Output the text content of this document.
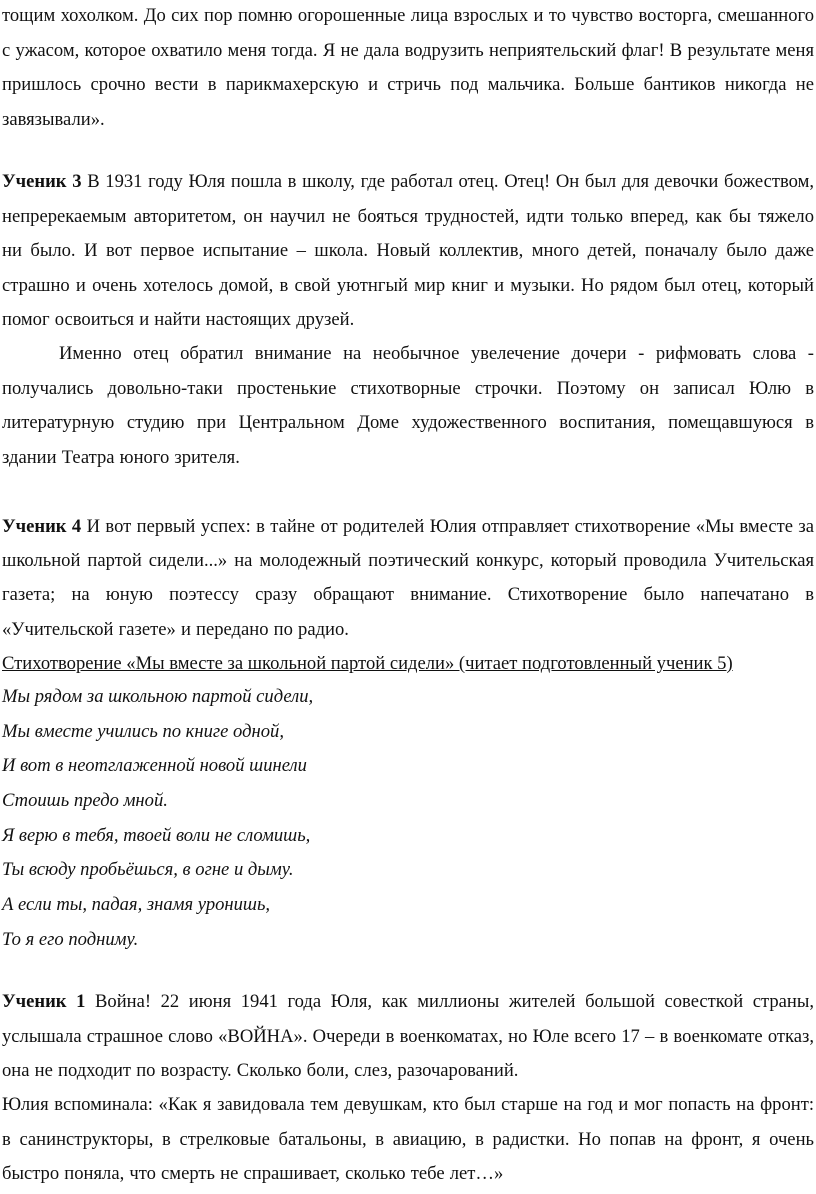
тощим хохолком. До сих пор помню огорошенные лица взрослых и то чувство восторга, смешанного с ужасом, которое охватило меня тогда. Я не дала водрузить неприятельский флаг! В результате меня пришлось срочно вести в парикмахерскую и стричь под мальчика. Больше бантиков никогда не завязывали».

Ученик 3 В 1931 году Юля пошла в школу, где работал отец. Отец! Он был для девочки божеством, непререкаемым авторитетом, он научил не бояться трудностей, идти только вперед, как бы тяжело ни было. И вот первое испытание – школа. Новый коллектив, много детей, поначалу было даже страшно и очень хотелось домой, в свой уютнгый мир книг и музыки. Но рядом был отец, который помог освоиться и найти настоящих друзей.

Именно отец обратил внимание на необычное увелечение дочери - рифмовать слова - получались довольно-таки простенькие стихотворные строчки. Поэтому он записал Юлю в литературную студию при Центральном Доме художественного воспитания, помещавшуюся в здании Театра юного зрителя.

Ученик 4 И вот первый успех: в тайне от родителей Юлия отправляет стихотворение «Мы вместе за школьной партой сидели...» на молодежный поэтический конкурс, который проводила Учительская газета; на юную поэтессу сразу обращают внимание. Стихотворение было напечатано в «Учительской газете» и передано по радио.

Стихотворение «Мы вместе за школьной партой сидели» (читает подготовленный ученик 5)

Мы рядом за школьною партой сидели,
Мы вместе учились по книге одной,
И вот в неотглаженной новой шинели
Стоишь предо мной.
Я верю в тебя, твоей воли не сломишь,
Ты всюду пробьёшься, в огне и дыму.
А если ты, падая, знамя уронишь,
То я его подниму.

Ученик 1 Война! 22 июня 1941 года Юля, как миллионы жителей большой совесткой страны, услышала страшное слово «ВОЙНА». Очереди в военкоматах, но Юле всего 17 – в военкомате отказ, она не подходит по возрасту. Сколько боли, слез, разочарований.

Юлия вспоминала: «Как я завидовала тем девушкам, кто был старше на год и мог попасть на фронт: в санинструкторы, в стрелковые батальоны, в авиацию, в радистки. Но попав на фронт, я очень быстро поняла, что смерть не спрашивает, сколько тебе лет…»
